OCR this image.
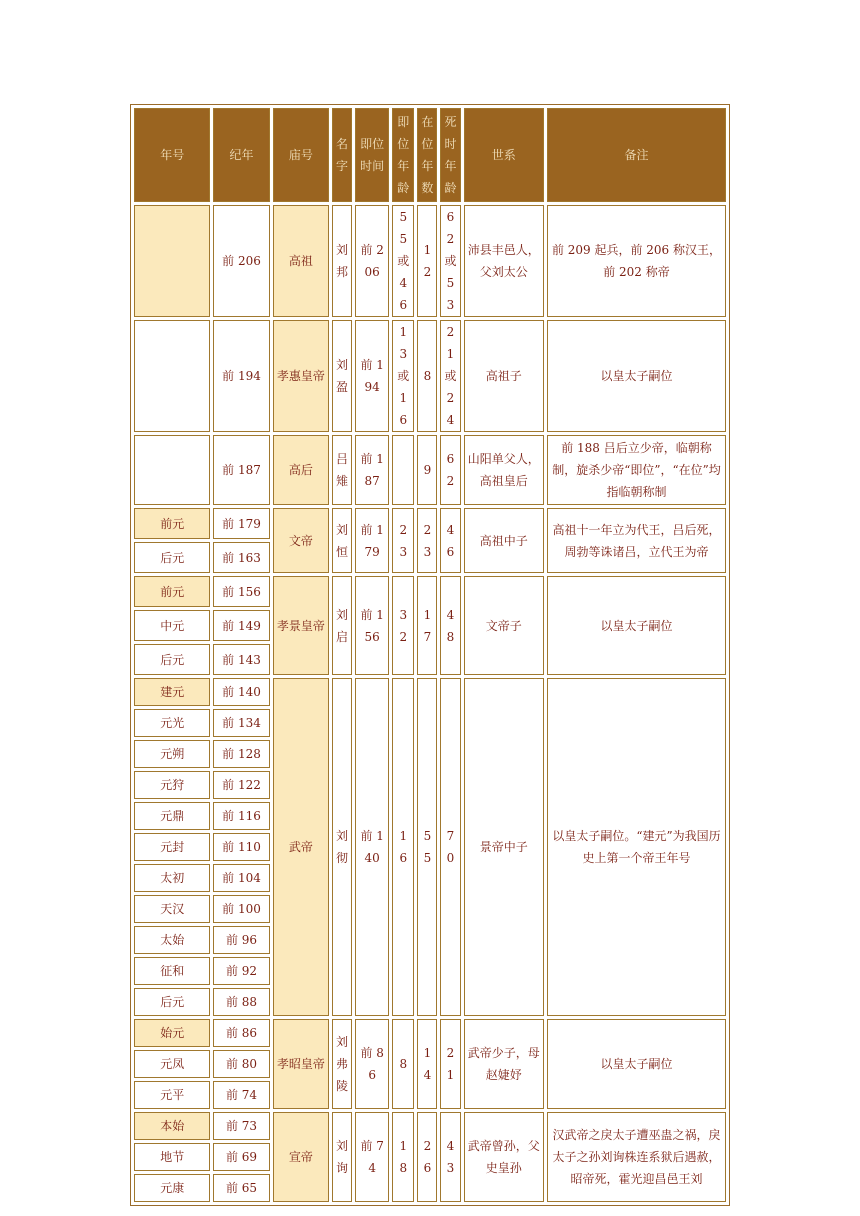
年号	纪年	庙号	名字	即位时间	即位年龄	在位年数	死时年龄	世系	备注
	前 206	高祖	刘邦	前 206	55或46	12	62或53	沛县丰邑人，父刘太公	前 209 起兵，前 206 称汉王，前 202 称帝
	前 194	孝惠皇帝	刘盈	前 194	13或16	8	21或24	高祖子	以皇太子嗣位
	前 187	高后	吕雉	前 187		9	62	山阳单父人，高祖皇后	前 188 吕后立少帝，临朝称制，旋杀少帝“即位”，“在位”均指临朝称制
前元	前 179	文帝	刘恒	前 179	23	23	46	高祖中子	高祖十一年立为代王，吕后死，周勃等诛诸吕，立代王为帝
后元	前 163								
前元	前 156	孝景皇帝	刘启	前 156	32	17	48	文帝子	以皇太子嗣位
中元	前 149								
后元	前 143								
建元	前 140	武帝	刘彻	前 140	16	55	70	景帝中子	以皇太子嗣位。“建元”为我国历史上第一个帝王年号
元光	前 134								
元朔	前 128								
元狩	前 122								
元鼎	前 116								
元封	前 110								
太初	前 104								
天汉	前 100								
太始	前 96								
征和	前 92								
后元	前 88								
始元	前 86	孝昭皇帝	刘弗陵	前 86	8	14	21	武帝少子，母赵婕妤	以皇太子嗣位
元凤	前 80								
元平	前 74								
本始	前 73	宣帝	刘询	前 74	18	26	43	武帝曾孙，父史皇孙	汉武帝之戾太子遭巫蛊之祸，戾太子之孙刘询株连系狱后遇赦，昭帝死，霍光迎昌邑王刘
地节	前 69								
元康	前 65								
